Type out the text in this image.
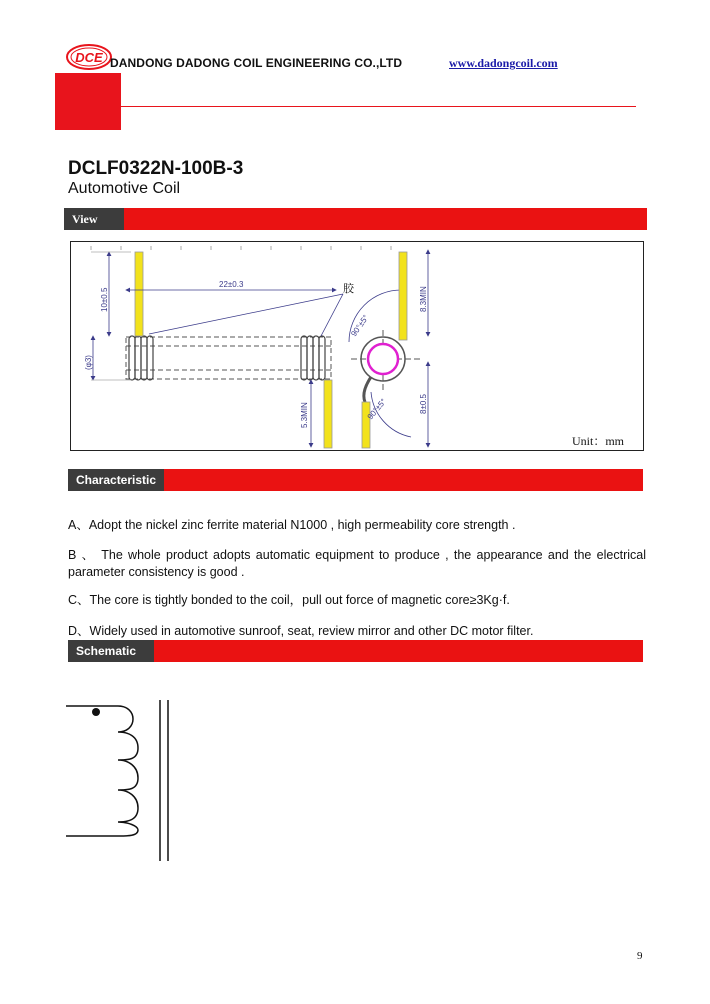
DCE DANDONG DADONG COIL ENGINEERING CO.,LTD	www.dadongcoil.com
DCLF0322N-100B-3
Automotive Coil
View
22±0.3
10±0.5
(φ3)
5.3MIN
8.3MIN
8±0.5
90°±5°
90°±5°
胶
Unit：mm
Characteristic
A、Adopt the nickel zinc ferrite material N1000 , high permeability core strength .
B 、 The whole product adopts automatic equipment to produce , the appearance and the electrical parameter consistency is good .
C、The core is tightly bonded to the coil，pull out force of magnetic core≥3Kg·f.
D、Widely used in automotive sunroof, seat, review mirror and other DC motor filter.
Schematic
9
